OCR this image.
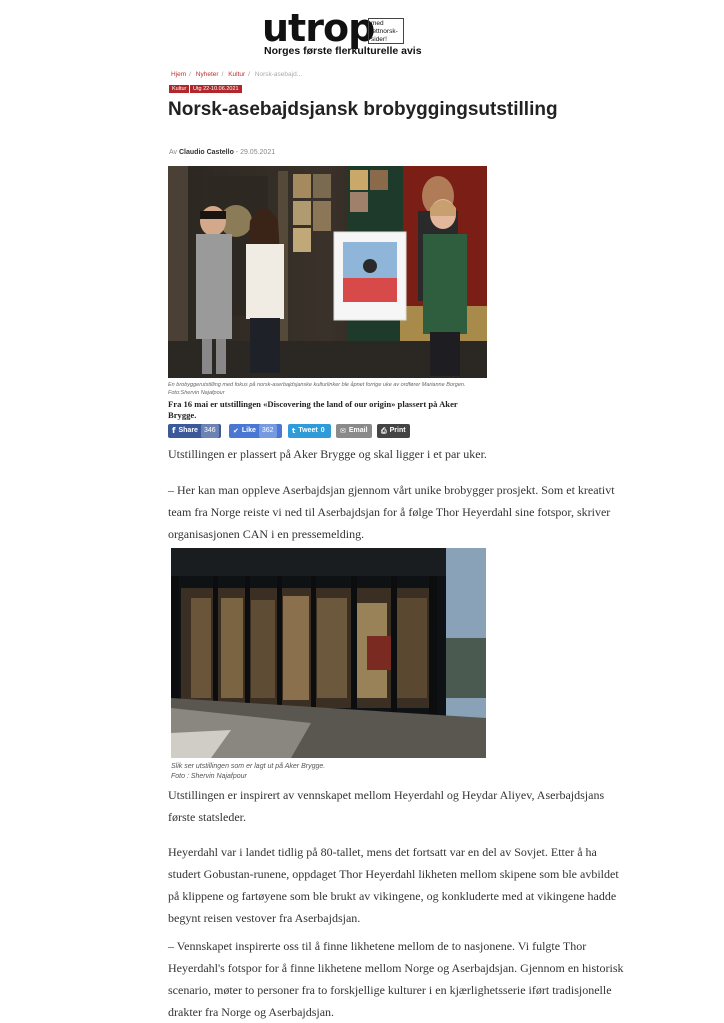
utrop
med
lettnorsk-
sider!
Norges første flerkulturelle avis
Hjem / Nyheter / Kultur / Norsk-asebajd...
Kultur	Utg 22-10.06.2021
Norsk-asebajdsjansk brobyggingsutstilling
Av Claudio Castello - 29.05.2021
En brobyggerutstilling med fokus på norsk-aserbajdsjanske kulturlinker ble åpnet forrige uke av ordfører Marianne Borgen. Foto:Shervin Najafpour
Fra 16 mai er utstillingen «Discovering the land of our origin» plassert på Aker Brygge.
f Share 346	✔ Like 362	t Tweet 0 ✉ Email ⎙ Print
Utstillingen er plassert på Aker Brygge og skal ligger i et par uker.
– Her kan man oppleve Aserbajdsjan gjennom vårt unike brobygger prosjekt. Som et kreativt team fra Norge reiste vi ned til Aserbajdsjan for å følge Thor Heyerdahl sine fotspor, skriver organisasjonen CAN i en pressemelding.
Slik ser utstillingen som er lagt ut på Aker Brygge.
Foto : Shervin Najafpour
Utstillingen er inspirert av vennskapet mellom Heyerdahl og Heydar Aliyev, Aserbajdsjans første statsleder.
Heyerdahl var i landet tidlig på 80-tallet, mens det fortsatt var en del av Sovjet. Etter å ha studert Gobustan-runene, oppdaget Thor Heyerdahl likheten mellom skipene som ble avbildet på klippene og fartøyene som ble brukt av vikingene, og konkluderte med at vikingene hadde begynt reisen vestover fra Aserbajdsjan.
– Vennskapet inspirerte oss til å finne likhetene mellom de to nasjonene. Vi fulgte Thor Heyerdahl's fotspor for å finne likhetene mellom Norge og Aserbajdsjan. Gjennom en historisk scenario, møter to personer fra to forskjellige kulturer i en kjærlighetsserie iført tradisjonelle drakter fra Norge og Aserbajdsjan.
